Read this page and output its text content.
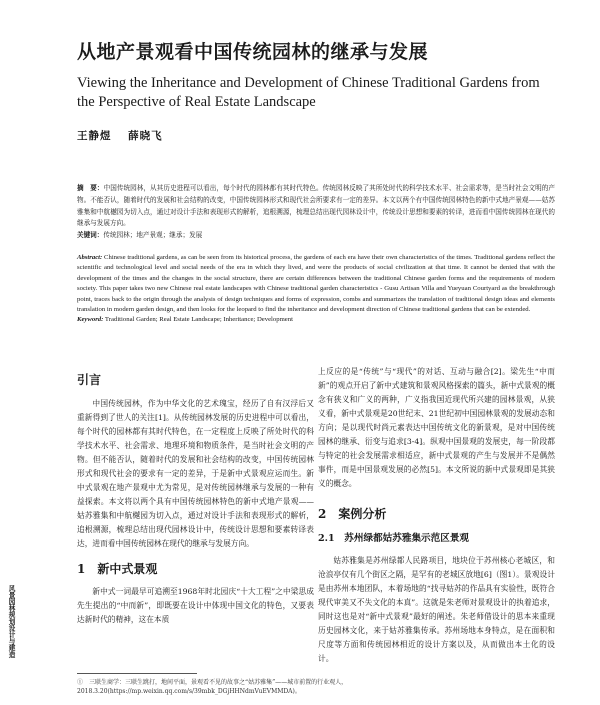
从地产景观看中国传统园林的继承与发展
Viewing the Inheritance and Development of Chinese Traditional Gardens from the Perspective of Real Estate Landscape
王静煜 薛晓飞
摘　要：中国传统园林，从其历史进程可以看出，每个时代的园林都有其时代特色。传统园林反映了其所处时代的科学技术水平、社会需求等，是当时社会文明的产物。不能否认，随着时代的发展和社会结构的改变，中国传统园林形式和现代社会所要求有一定的差异。本文以两个有中国传统园林特色的新中式地产景观——姑苏雅集和中航樾园为切入点，通过对设计手法和表现形式的解析，追根溯源，梳理总结出现代园林设计中，传统设计思想和要素的转译，进而看中国传统园林在现代的继承与发展方向。
关键词：传统园林；地产景观；继承；发展
Abstract: Chinese traditional gardens, as can be seen from its historical process, the gardens of each era have their own characteristics of the times. Traditional gardens reflect the scientific and technological level and social needs of the era in which they lived, and were the products of social civilization at that time. It cannot be denied that with the development of the times and the changes in the social structure, there are certain differences between the traditional Chinese garden forms and the requirements of modern society. This paper takes two new Chinese real estate landscapes with Chinese traditional garden characteristics - Gusu Artisan Villa and Yueyuan Courtyard as the breakthrough point, traces back to the origin through the analysis of design techniques and forms of expression, combs and summarizes the translation of traditional design ideas and elements translation in modern garden design, and then looks for the leopard to find the inheritance and development direction of Chinese traditional gardens that can be extended.
Keyword: Traditional Garden; Real Estate Landscape; Inheritance; Development
引言

中国传统园林，作为中华文化的艺术瑰宝，经历了自有汉浮后又重新得到了世人的关注[1]。从传统园林发展的历史进程中可以看出，每个时代的园林都有其时代特色，在一定程度上反映了所处时代的科学技术水平、社会需求、地理环境和物质条件，是当时社会文明的产物。但不能否认，随着时代的发展和社会结构的改变，中国传统园林形式和现代社会的要求有一定的差异，于是新中式景观应运而生。新中式景观在地产景观中尤为常见，是对传统园林继承与发展的一种有益探索。本文将以两个具有中国传统园林特色的新中式地产景观——姑苏雅集和中航樾园为切入点，通过对设计手法和表现形式的解析，追根溯源，梳理总结出现代园林设计中，传统设计思想和要素转译表达，进而看中国传统园林在现代的继承与发展方向。

1　新中式景观

新中式一词最早可追溯至1968年时北园庆“十大工程”之中梁思成先生提出的“中而新”，即既要在设计中体现中国文化的特色，又要表达新时代的精神，这在本质

上反应的是“传统”与“现代”的对话、互动与融合[2]。梁先生“中而新”的观点开启了新中式建筑和景观风格探索的篇头，新中式景观的概念有狭义和广义的两种，广义指我国近现代所兴建的园林景观，从狭义看，新中式景观是20世纪末、21世纪初中国园林景观的发展动态和方向；是以现代时尚元素表达中国传统文化的新景观，是对中国传统园林的继承、衍变与追求[3-4]。纵观中国景观的发展史，每一阶段都与特定的社会发展需求相适应，新中式景观的产生与发展并不是偶然事件，而是中国景观发展的必然[5]。本文所说的新中式景观即是其狭义的概念。

2　案例分析
2.1　苏州绿都姑苏雅集示范区景观

姑苏雅集是苏州绿都人民路项目，地块位于苏州核心老城区，和沧浪亭仅有几个街区之隔，是罕有的老城区放地[6]（图1）。景观设计是由苏州本地团队，本着场地的“找寻姑苏的作品具有实验性，既符合现代审美又不失文化的本真”。这就是朱老师对景观设计的执着追求，同时这也是对“新中式景观”最好的阐述。朱老师借设计的思本来重现历史园林文化，来于姑苏雅集传承。苏州场地本身特点，是在面积和尺度等方面和传统园林相近的设计方案以及，从而做出本土化的设计。

风景园林规划设计与建造
①　三联生商学：三联生跳打，地间平面，景观看不见的故事之“姑苏雅集”——城市前置的行业观人，2018.3.20(https://mp.weixin.qq.com/s/39mbk_DGjHHNdmVuEVMMDA)。
